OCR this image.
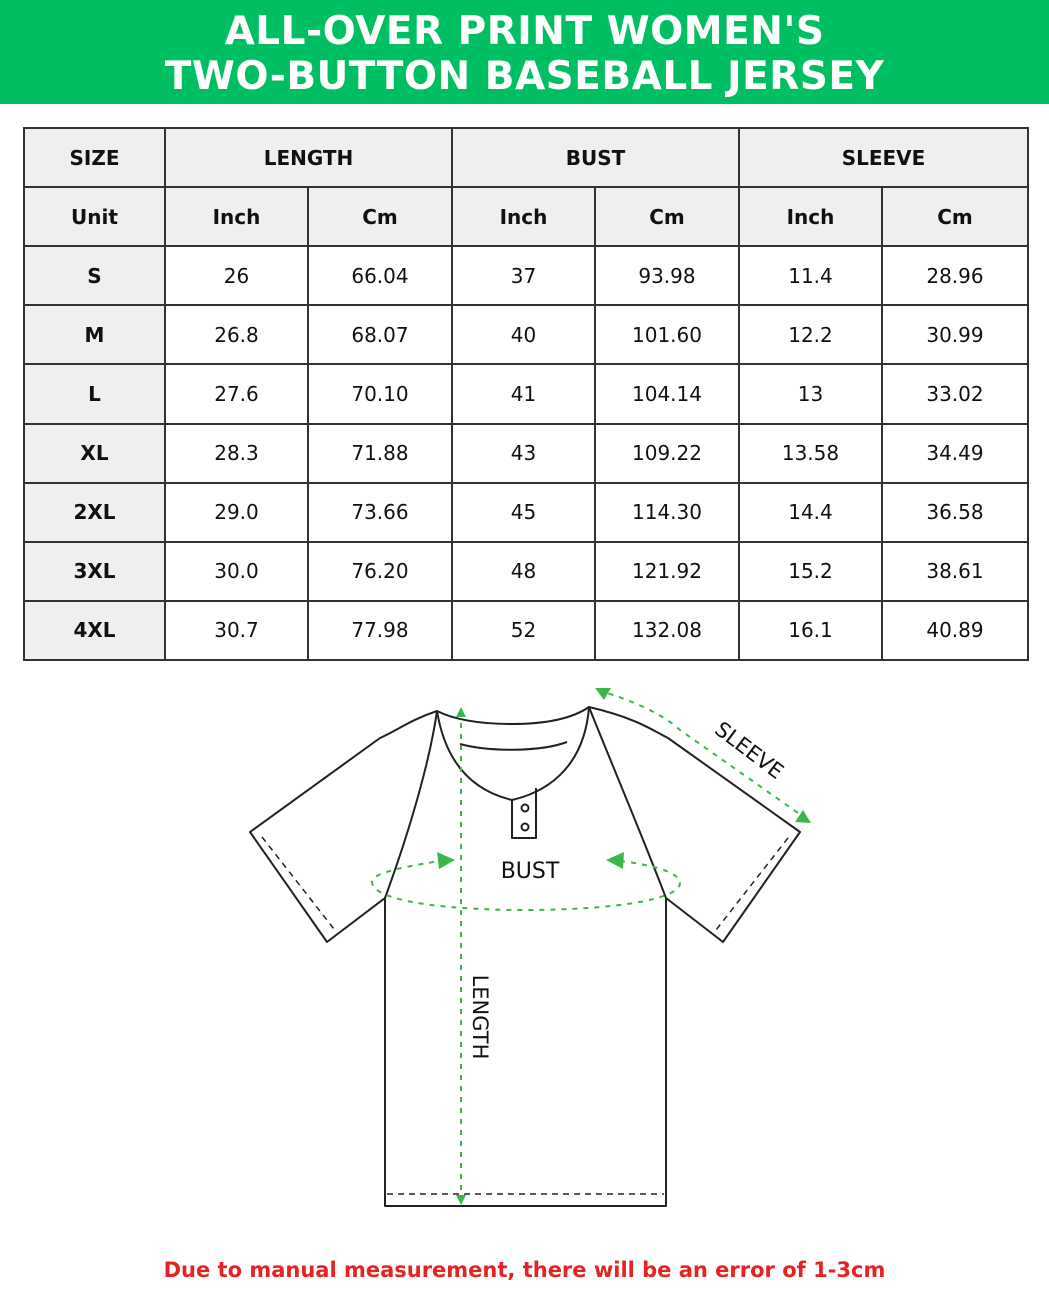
ALL-OVER PRINT WOMEN'S
TWO-BUTTON BASEBALL JERSEY
SIZE	LENGTH		BUST		SLEEVE	
Unit	Inch	Cm	Inch	Cm	Inch	Cm
S	26	66.04	37	93.98	11.4	28.96
M	26.8	68.07	40	101.60	12.2	30.99
L	27.6	70.10	41	104.14	13	33.02
XL	28.3	71.88	43	109.22	13.58	34.49
2XL	29.0	73.66	45	114.30	14.4	36.58
3XL	30.0	76.20	48	121.92	15.2	38.61
4XL	30.7	77.98	52	132.08	16.1	40.89
BUST
LENGTH
SLEEVE
Due to manual measurement, there will be an error of 1-3cm
